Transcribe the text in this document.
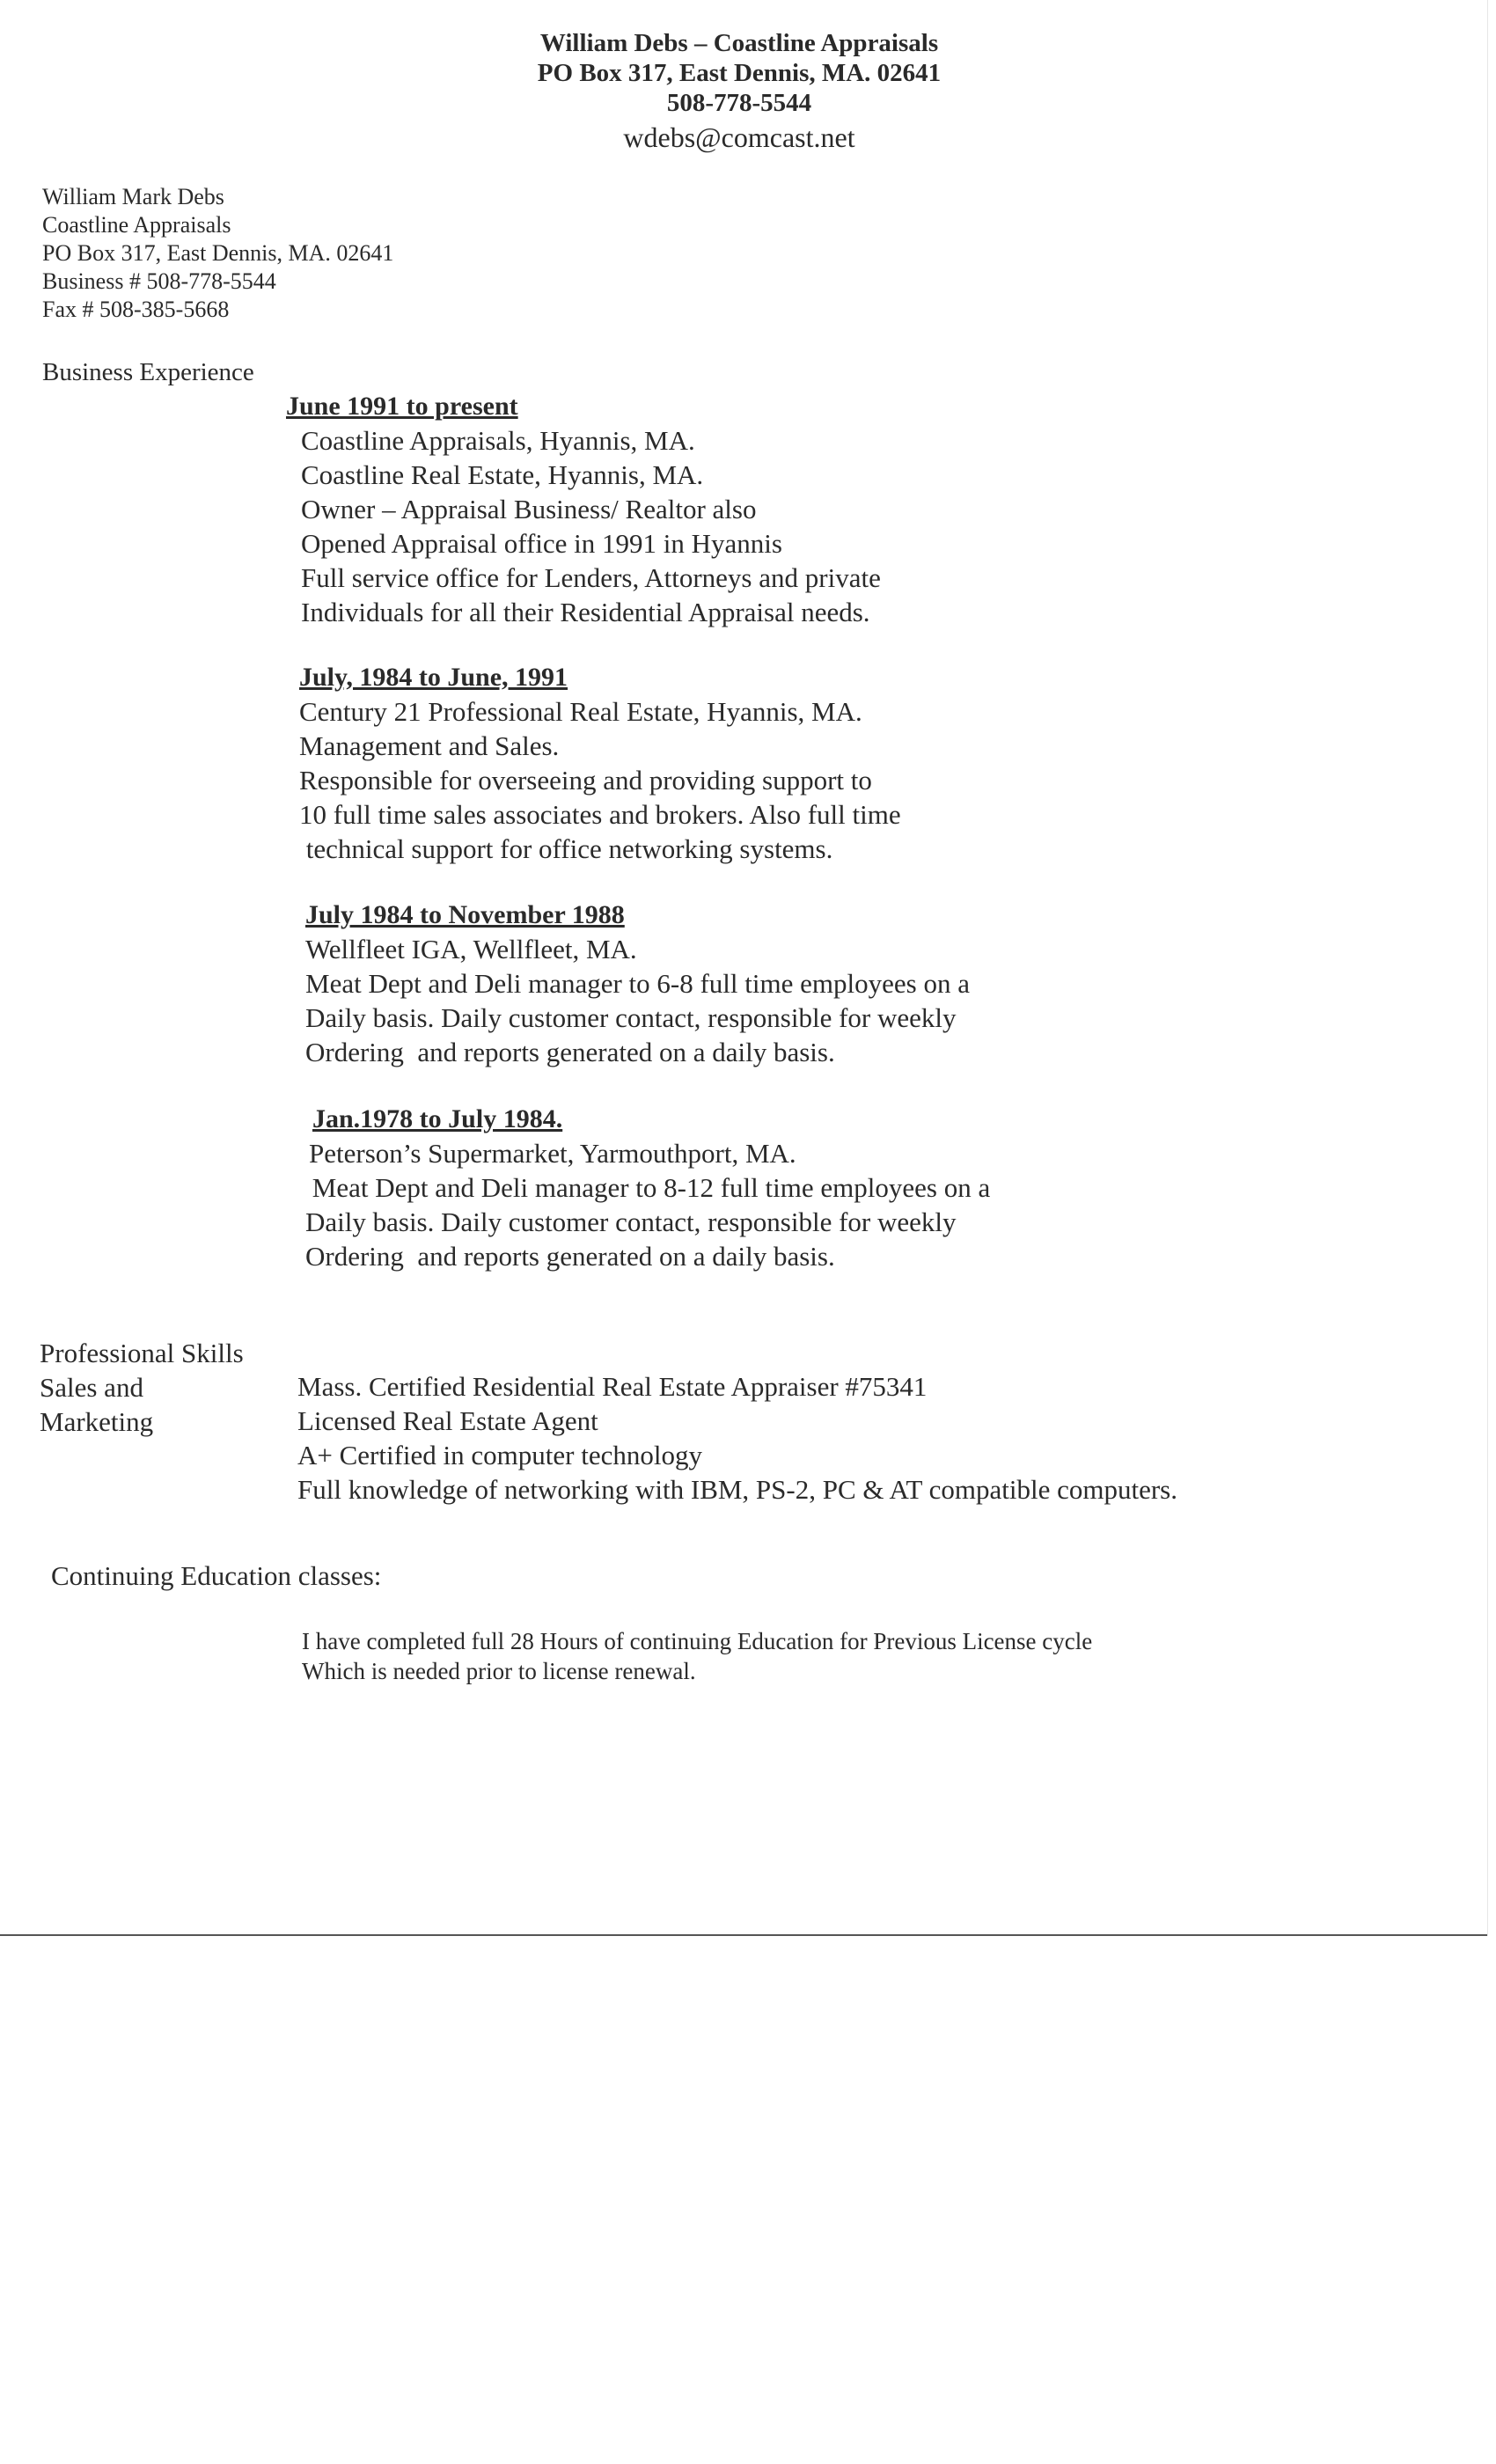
William Debs – Coastline Appraisals
PO Box 317, East Dennis, MA. 02641
508-778-5544
wdebs@comcast.net
William Mark Debs
Coastline Appraisals
PO Box 317, East Dennis, MA. 02641
Business # 508-778-5544
Fax # 508-385-5668
Business Experience
June 1991 to present
Coastline Appraisals, Hyannis, MA.
Coastline Real Estate, Hyannis, MA.
Owner – Appraisal Business/ Realtor also
Opened Appraisal office in 1991 in Hyannis
Full service office for Lenders, Attorneys and private
Individuals for all their Residential Appraisal needs.
July, 1984 to June, 1991
Century 21 Professional Real Estate, Hyannis, MA.
Management and Sales.
Responsible for overseeing and providing support to
10 full time sales associates and brokers. Also full time
technical support for office networking systems.
July 1984 to November 1988
Wellfleet IGA, Wellfleet, MA.
Meat Dept and Deli manager to 6-8 full time employees on a
Daily basis. Daily customer contact, responsible for weekly
Ordering  and reports generated on a daily basis.
Jan.1978 to July 1984.
Peterson’s Supermarket, Yarmouthport, MA.
Meat Dept and Deli manager to 8-12 full time employees on a
Daily basis. Daily customer contact, responsible for weekly
Ordering  and reports generated on a daily basis.
Professional Skills
Sales and
Marketing
Mass. Certified Residential Real Estate Appraiser #75341
Licensed Real Estate Agent
A+ Certified in computer technology
Full knowledge of networking with IBM, PS-2, PC & AT compatible computers.
Continuing Education classes:
I have completed full 28 Hours of continuing Education for Previous License cycle
Which is needed prior to license renewal.
